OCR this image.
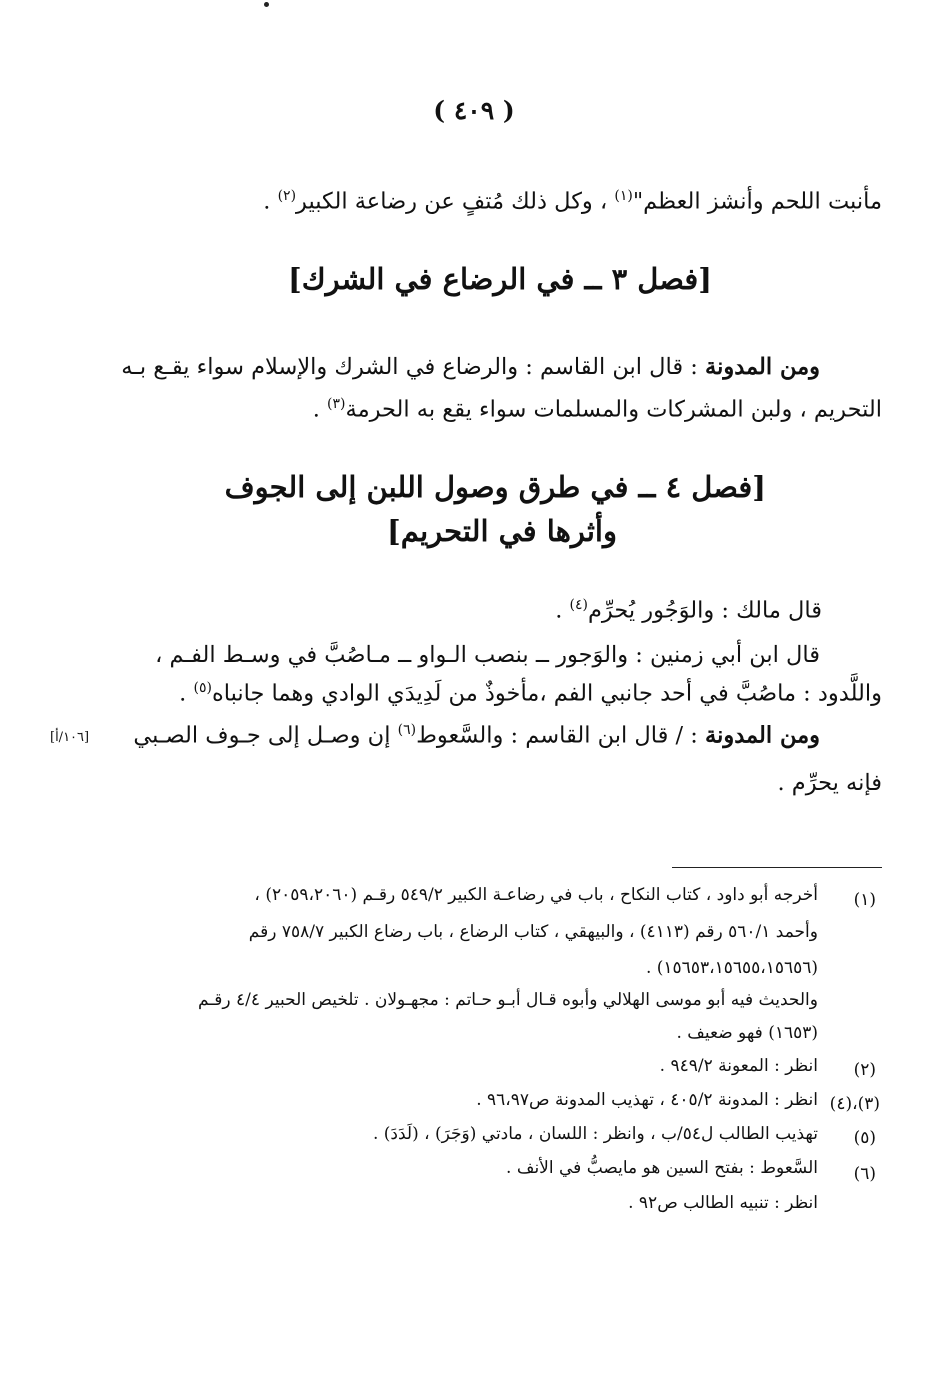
( ٤٠٩ )
مأنبت اللحم وأنشز العظم"$^{(١)}$ ، وكل ذلك مُتفٍ عن رضاعة الكبير$^{(٢)}$ .
[فصل ٣ ــ في الرضاع في الشرك]
ومن المدونة : قال ابن القاسم : والرضاع في الشرك والإسلام سواء يقـع بـه
التحريم ، ولبن المشركات والمسلمات سواء يقع به الحرمة$^{(٣)}$ .
[فصل ٤ ــ في طرق وصول اللبن إلى الجوف
وأثرها في التحريم]
قال مالك : والوَجُور يُحرِّم$^{(٤)}$ .
قال ابن أبي زمنين : والوَجور ــ بنصب الـواو ــ مـاصُبَّ في وسـط الفـم ،
واللَّدود : ماصُبَّ في أحد جانبي الفم ،مأخوذٌ من لَدِيدَي الوادي وهما جانباه$^{(٥)}$ .
ومن المدونة : / قال ابن القاسم : والسَّعوط$^{(٦)}$ إن وصـل إلى جـوف الصـبي
[١٠٦/أ]
فإنه يحرِّم .
(١)
أخرجه أبو داود ، كتاب النكاح ، باب في رضاعـة الكبير ٥٤٩/٢ رقـم (٢٠٥٩،٢٠٦٠) ،
وأحمد ٥٦٠/١ رقم (٤١١٣) ، والبيهقي ، كتاب الرضاع ، باب رضاع الكبير ٧٥٨/٧ رقم
(١٥٦٥٣،١٥٦٥٥،١٥٦٥٦) .
والحديث فيه أبو موسى الهلالي وأبوه قـال أبـو حـاتم : مجهـولان . تلخيص الحبير ٤/٤ رقـم
(١٦٥٣) فهو ضعيف .
(٢)
انظر : المعونة ٩٤٩/٢ .
(٣)،(٤)
انظر : المدونة ٤٠٥/٢ ، تهذيب المدونة ص٩٦،٩٧ .
(٥)
تهذيب الطالب ل٥٤/ب ، وانظر : اللسان ، مادتي (وَجَرَ) ، (لَدَدَ) .
(٦)
السَّعوط : بفتح السين هو مايصبُّ في الأنف .
انظر : تنبيه الطالب ص٩٢ .
